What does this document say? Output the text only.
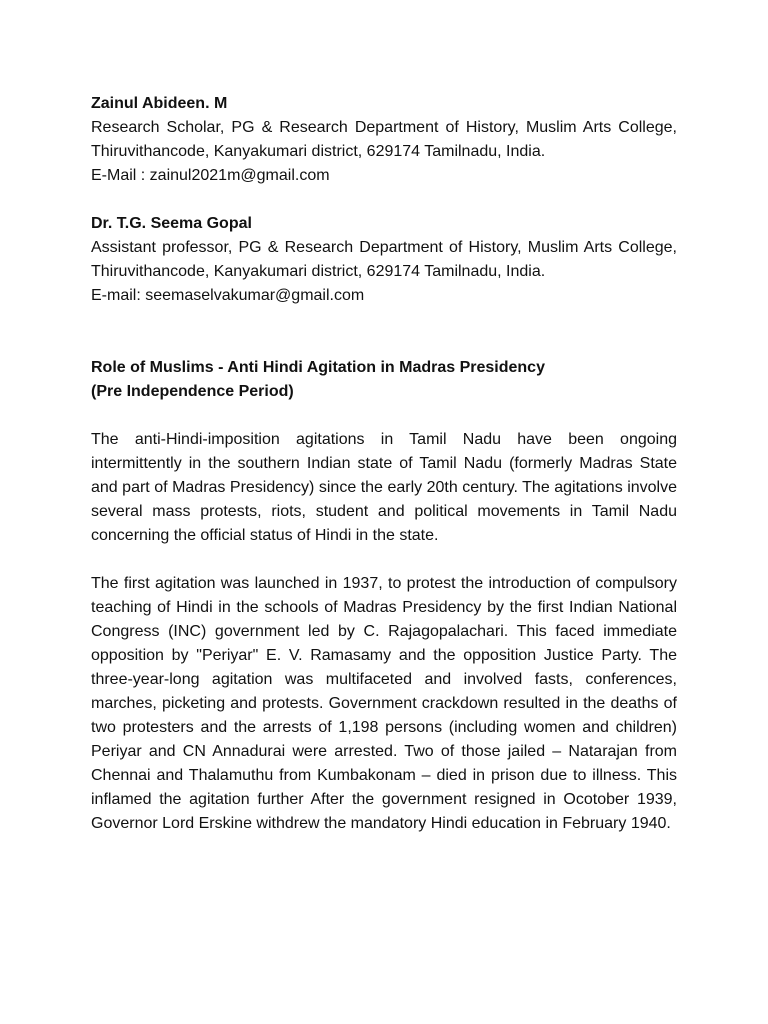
Zainul Abideen. M

Research Scholar, PG & Research Department of History, Muslim Arts College, Thiruvithancode, Kanyakumari district, 629174 Tamilnadu, India.

E-Mail : zainul2021m@gmail.com

Dr. T.G. Seema Gopal

Assistant professor, PG & Research Department of History, Muslim Arts College, Thiruvithancode, Kanyakumari district, 629174 Tamilnadu, India.

E-mail: seemaselvakumar@gmail.com

Role of Muslims - Anti Hindi Agitation in Madras Presidency

(Pre Independence Period)

The anti-Hindi-imposition agitations in Tamil Nadu have been ongoing intermittently in the southern Indian state of Tamil Nadu (formerly Madras State and part of Madras Presidency) since the early 20th century. The agitations involve several mass protests, riots, student and political movements in Tamil Nadu concerning the official status of Hindi in the state.

The first agitation was launched in 1937, to protest the introduction of compulsory teaching of Hindi in the schools of Madras Presidency by the first Indian National Congress (INC) government led by C. Rajagopalachari. This faced immediate opposition by "Periyar" E. V. Ramasamy and the opposition Justice Party. The three-year-long agitation was multifaceted and involved fasts, conferences, marches, picketing and protests. Government crackdown resulted in the deaths of two protesters and the arrests of 1,198 persons (including women and children) Periyar and CN Annadurai were arrested. Two of those jailed – Natarajan from Chennai and Thalamuthu from Kumbakonam – died in prison due to illness. This inflamed the agitation further After the government resigned in Ocotober 1939, Governor Lord Erskine withdrew the mandatory Hindi education in February 1940.
